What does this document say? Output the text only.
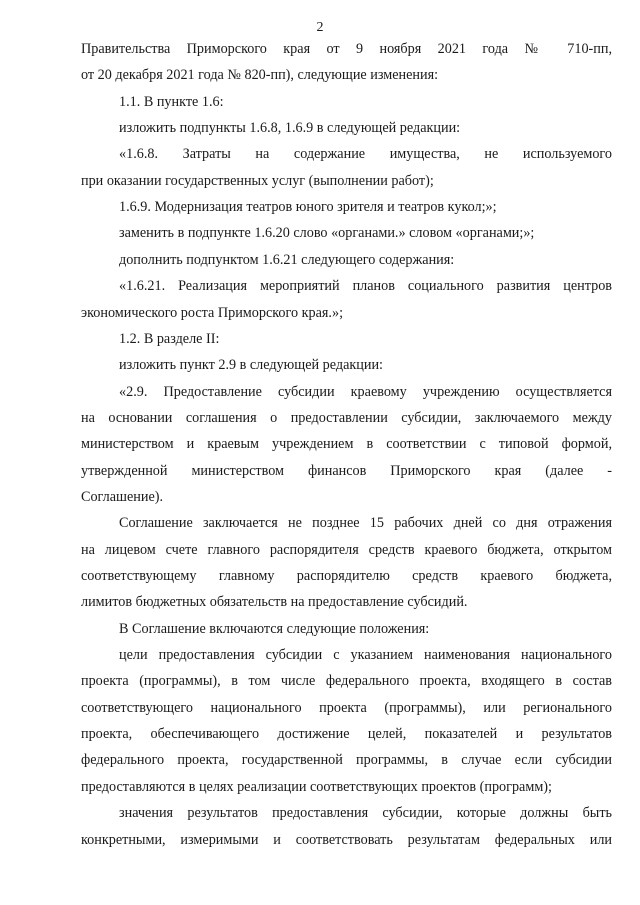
2
Правительства Приморского края от 9 ноября 2021 года № 710-пп,
от 20 декабря 2021 года № 820-пп), следующие изменения:
1.1. В пункте 1.6:
изложить подпункты 1.6.8, 1.6.9 в следующей редакции:
«1.6.8. Затраты на содержание имущества, не используемого
при оказании государственных услуг (выполнении работ);
1.6.9. Модернизация театров юного зрителя и театров кукол;»;
заменить в подпункте 1.6.20 слово «органами.» словом «органами;»;
дополнить подпунктом 1.6.21 следующего содержания:
«1.6.21. Реализация мероприятий планов социального развития центров
экономического роста Приморского края.»;
1.2. В разделе II:
изложить пункт 2.9 в следующей редакции:
«2.9. Предоставление субсидии краевому учреждению осуществляется
на основании соглашения о предоставлении субсидии, заключаемого между
министерством и краевым учреждением в соответствии с типовой формой,
утвержденной министерством финансов Приморского края (далее -
Соглашение).
Соглашение заключается не позднее 15 рабочих дней со дня отражения
на лицевом счете главного распорядителя средств краевого бюджета, открытом
соответствующему главному распорядителю средств краевого бюджета,
лимитов бюджетных обязательств на предоставление субсидий.
В Соглашение включаются следующие положения:
цели предоставления субсидии с указанием наименования национального
проекта (программы), в том числе федерального проекта, входящего в состав
соответствующего национального проекта (программы), или регионального
проекта, обеспечивающего достижение целей, показателей и результатов
федерального проекта, государственной программы, в случае если субсидии
предоставляются в целях реализации соответствующих проектов (программ);
значения результатов предоставления субсидии, которые должны быть
конкретными, измеримыми и соответствовать результатам федеральных или
